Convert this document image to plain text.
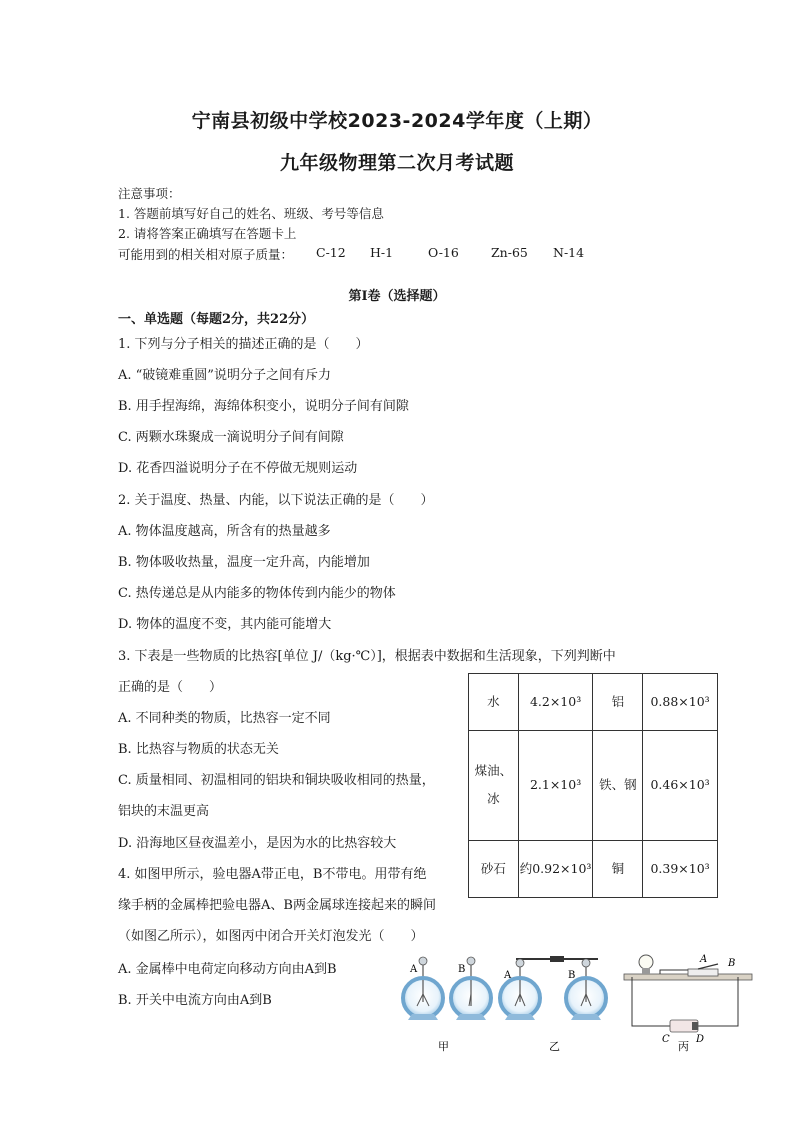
宁南县初级中学校2023-2024学年度（上期）
九年级物理第二次月考试题
注意事项：
1. 答题前填写好自己的姓名、班级、考号等信息
2. 请将答案正确填写在答题卡上
可能用到的相关相对原子质量： C-12 H-1	O-16	Zn-65 N-14
第Ⅰ卷（选择题）
一、单选题（每题2分，共22分）
1. 下列与分子相关的描述正确的是（　　）
A. “破镜难重圆”说明分子之间有斥力
B. 用手捏海绵，海绵体积变小，说明分子间有间隙
C. 两颗水珠聚成一滴说明分子间有间隙
D. 花香四溢说明分子在不停做无规则运动
2. 关于温度、热量、内能，以下说法正确的是（　　）
A. 物体温度越高，所含有的热量越多
B. 物体吸收热量，温度一定升高，内能增加
C. 热传递总是从内能多的物体传到内能少的物体
D. 物体的温度不变，其内能可能增大
3. 下表是一些物质的比热容[单位 J/（kg·℃）]，根据表中数据和生活现象，下列判断中
正确的是（　　）
A. 不同种类的物质，比热容一定不同
B. 比热容与物质的状态无关
C. 质量相同、初温相同的铝块和铜块吸收相同的热量，
铝块的末温更高
D. 沿海地区昼夜温差小，是因为水的比热容较大
水	4.2×10³	铝	0.88×10³
煤油、冰	2.1×10³	铁、钢	0.46×10³
砂石	约0.92×10³	铜	0.39×10³
4. 如图甲所示，验电器A带正电，B不带电。用带有绝
缘手柄的金属棒把验电器A、B两金属球连接起来的瞬间
（如图乙所示），如图丙中闭合开关灯泡发光（　　）
A. 金属棒中电荷定向移动方向由A到B
B. 开关中电流方向由A到B
A	B
A	B
A B
C	D
甲	乙	丙
